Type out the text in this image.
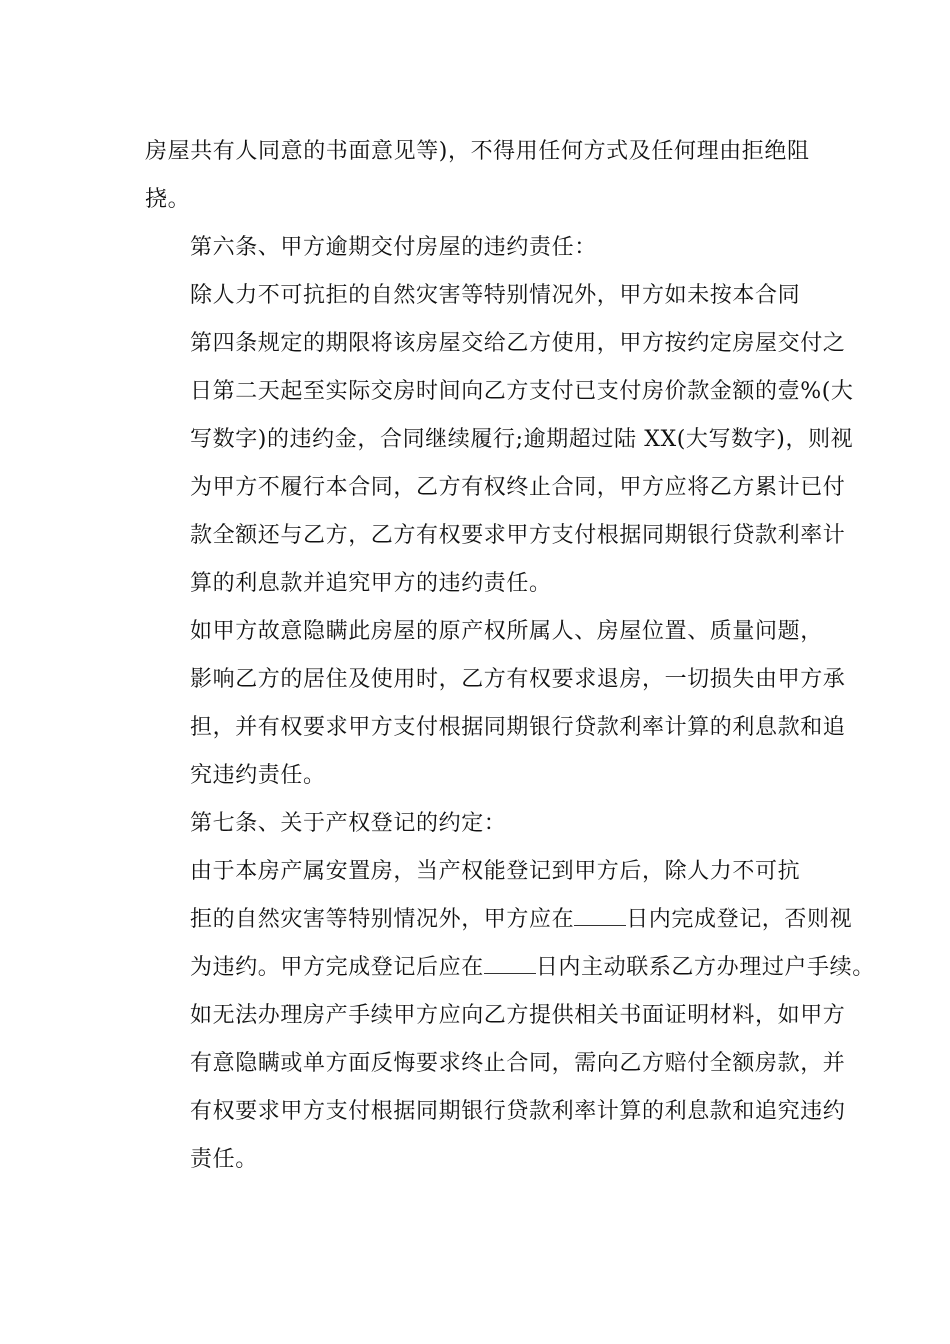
房屋共有人同意的书面意见等)，不得用任何方式及任何理由拒绝阻
挠。

第六条、甲方逾期交付房屋的违约责任：

除人力不可抗拒的自然灾害等特别情况外，甲方如未按本合同
第四条规定的期限将该房屋交给乙方使用，甲方按约定房屋交付之
日第二天起至实际交房时间向乙方支付已支付房价款金额的壹%(大
写数字)的违约金，合同继续履行;逾期超过陆 XX(大写数字)，则视
为甲方不履行本合同，乙方有权终止合同，甲方应将乙方累计已付
款全额还与乙方，乙方有权要求甲方支付根据同期银行贷款利率计
算的利息款并追究甲方的违约责任。

如甲方故意隐瞒此房屋的原产权所属人、房屋位置、质量问题，
影响乙方的居住及使用时，乙方有权要求退房，一切损失由甲方承
担，并有权要求甲方支付根据同期银行贷款利率计算的利息款和追
究违约责任。

第七条、关于产权登记的约定：

由于本房产属安置房，当产权能登记到甲方后，除人力不可抗
拒的自然灾害等特别情况外，甲方应在 日内完成登记，否则视
为违约。甲方完成登记后应在 日内主动联系乙方办理过户手续。
如无法办理房产手续甲方应向乙方提供相关书面证明材料，如甲方
有意隐瞒或单方面反悔要求终止合同，需向乙方赔付全额房款，并
有权要求甲方支付根据同期银行贷款利率计算的利息款和追究违约
责任。
